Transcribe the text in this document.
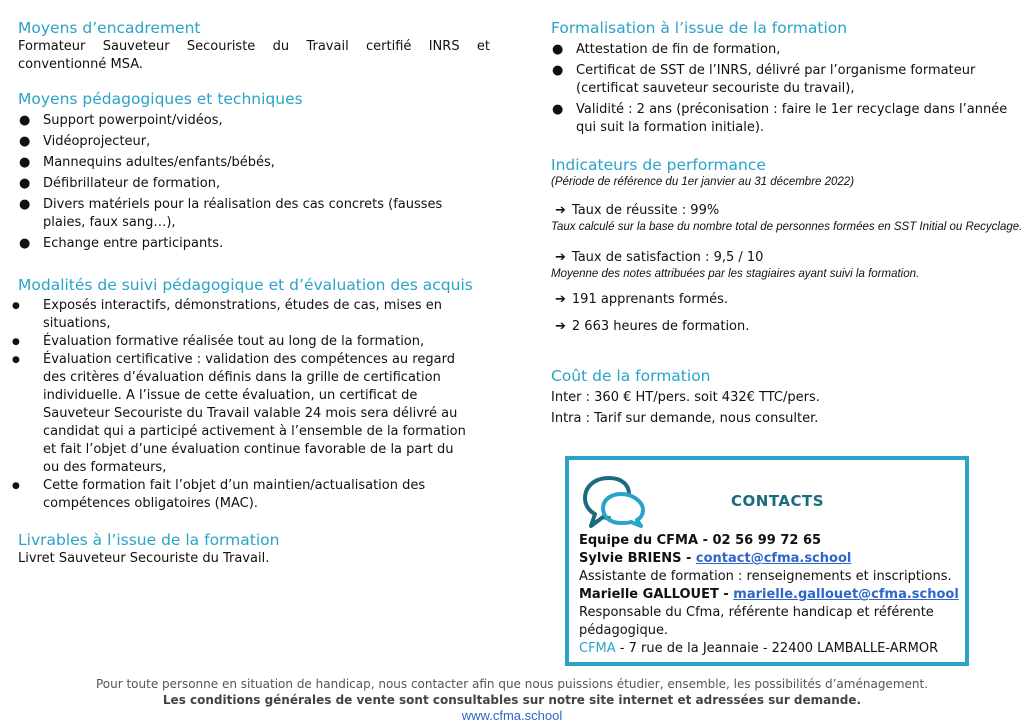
Moyens d’encadrement

Formateur Sauveteur Secouriste du Travail certifié INRS et conventionné MSA.

Moyens pédagogiques et techniques
● Support powerpoint/vidéos,
● Vidéoprojecteur,
● Mannequins adultes/enfants/bébés,
● Défibrillateur de formation,
● Divers matériels pour la réalisation des cas concrets (fausses plaies, faux sang…),
● Echange entre participants.
Modalités de suivi pédagogique et d’évaluation des acquis
● Exposés interactifs, démonstrations, études de cas, mises en situations,
● Évaluation formative réalisée tout au long de la formation,
● Évaluation certificative : validation des compétences au regard des critères d’évaluation définis dans la grille de certification individuelle. A l’issue de cette évaluation, un certificat de Sauveteur Secouriste du Travail valable 24 mois sera délivré au candidat qui a participé activement à l’ensemble de la formation et fait l’objet d’une évaluation continue favorable de la part du ou des formateurs,
● Cette formation fait l’objet d’un maintien/actualisation des compétences obligatoires (MAC).
Livrables à l’issue de la formation

Livret Sauveteur Secouriste du Travail.

Formalisation à l’issue de la formation
● Attestation de fin de formation,
● Certificat de SST de l’INRS, délivré par l’organisme formateur (certificat sauveteur secouriste du travail),
● Validité : 2 ans (préconisation : faire le 1er recyclage dans l’année qui suit la formation initiale).
Indicateurs de performance
(Période de référence du 1er janvier au 31 décembre 2022)
➔ Taux de réussite : 99%
Taux calculé sur la base du nombre total de personnes formées en SST Initial ou Recyclage.
➔ Taux de satisfaction : 9,5 / 10
Moyenne des notes attribuées par les stagiaires ayant suivi la formation.
➔ 191 apprenants formés.
➔ 2 663 heures de formation.
Coût de la formation

Inter : 360 € HT/pers. soit 432€ TTC/pers.

Intra : Tarif sur demande, nous consulter.

CONTACTS

Equipe du CFMA - 02 56 99 72 65

Sylvie BRIENS - contact@cfma.school

Assistante de formation : renseignements et inscriptions.

Marielle GALLOUET - marielle.gallouet@cfma.school

Responsable du Cfma, référente handicap et référente pédagogique.

CFMA - 7 rue de la Jeannaie - 22400 LAMBALLE-ARMOR

Pour toute personne en situation de handicap, nous contacter afin que nous puissions étudier, ensemble, les possibilités d’aménagement.
Les conditions générales de vente sont consultables sur notre site internet et adressées sur demande.
www.cfma.school
